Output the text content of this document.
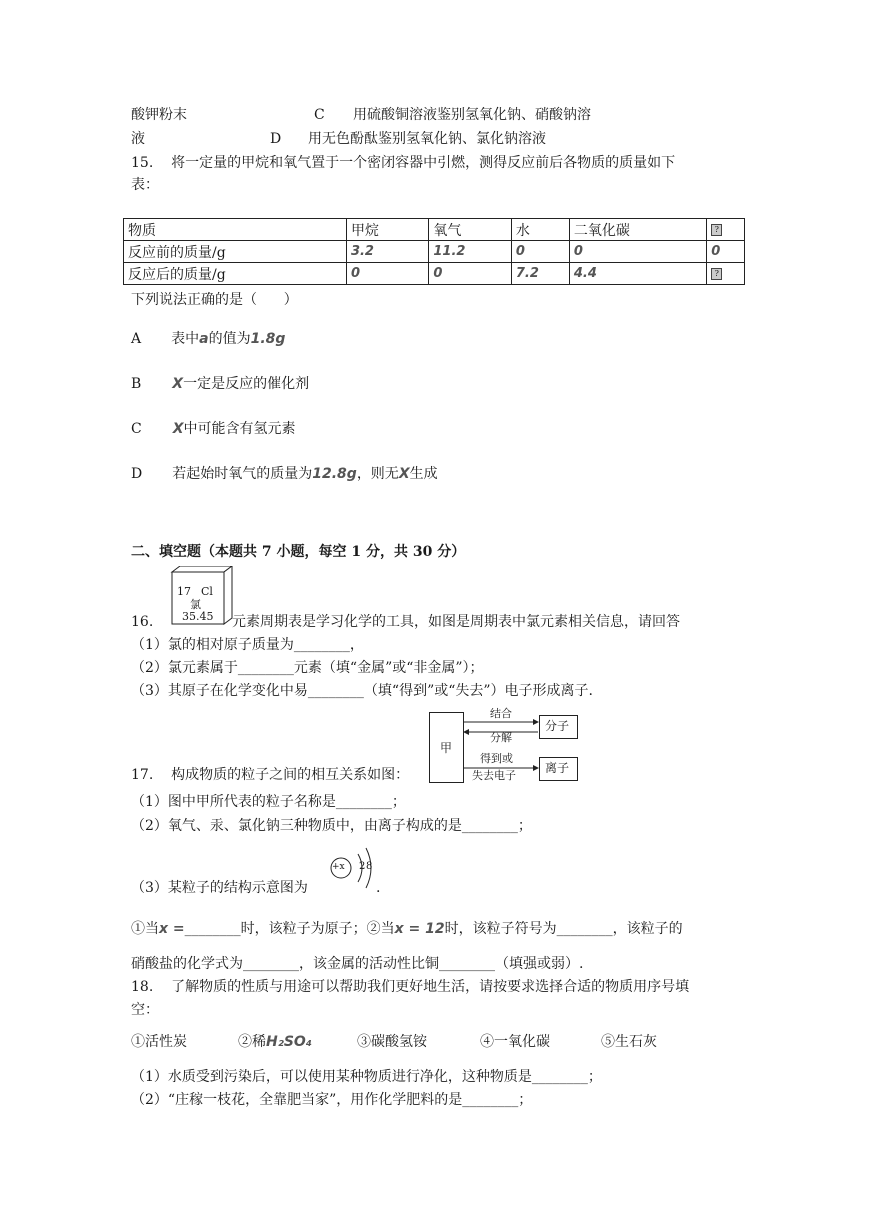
酸钾粉末	C 用硫酸铜溶液鉴别氢氧化钠、硝酸钠溶
液	D 用无色酚酞鉴别氢氧化钠、氯化钠溶液
15.    将一定量的甲烷和氧气置于一个密闭容器中引燃，测得反应前后各物质的质量如下
表：
物质	甲烷	氧气	水	二氧化碳	?
反应前的质量/g	3.2	11.2	0	0	0
反应后的质量/g	0	0	7.2	4.4	?
下列说法正确的是（      ）
A 表中a的值为1.8g
B X一定是反应的催化剂
C X中可能含有氢元素
D 若起始时氧气的质量为12.8g，则无X生成
二、填空题（本题共 7 小题，每空 1 分，共 30 分）
17 Cl
氯
35.45
16.	元素周期表是学习化学的工具，如图是周期表中氯元素相关信息，请回答
（1）氯的相对原子质量为________，
（2）氯元素属于________元素（填“金属”或“非金属”）；
（3）其原子在化学变化中易________（填“得到”或“失去”）电子形成离子.
甲
分子
离子
结合
分解
得到或
失去电子
17.    构成物质的粒子之间的相互关系如图：
（1）图中甲所代表的粒子名称是________；
（2）氧气、汞、氯化钠三种物质中，由离子构成的是________；
+x 2 8
（3）某粒子的结构示意图为	.
①当x =________时，该粒子为原子；②当x = 12时，该粒子符号为________，该粒子的
硝酸盐的化学式为________，该金属的活动性比铜________（填强或弱）.
18.    了解物质的性质与用途可以帮助我们更好地生活，请按要求选择合适的物质用序号填
空：
①活性炭	②稀H₂SO₄	③碳酸氢铵	④一氧化碳	⑤生石灰
（1）水质受到污染后，可以使用某种物质进行净化，这种物质是________；
（2）“庄稼一枝花，全靠肥当家”，用作化学肥料的是________；
